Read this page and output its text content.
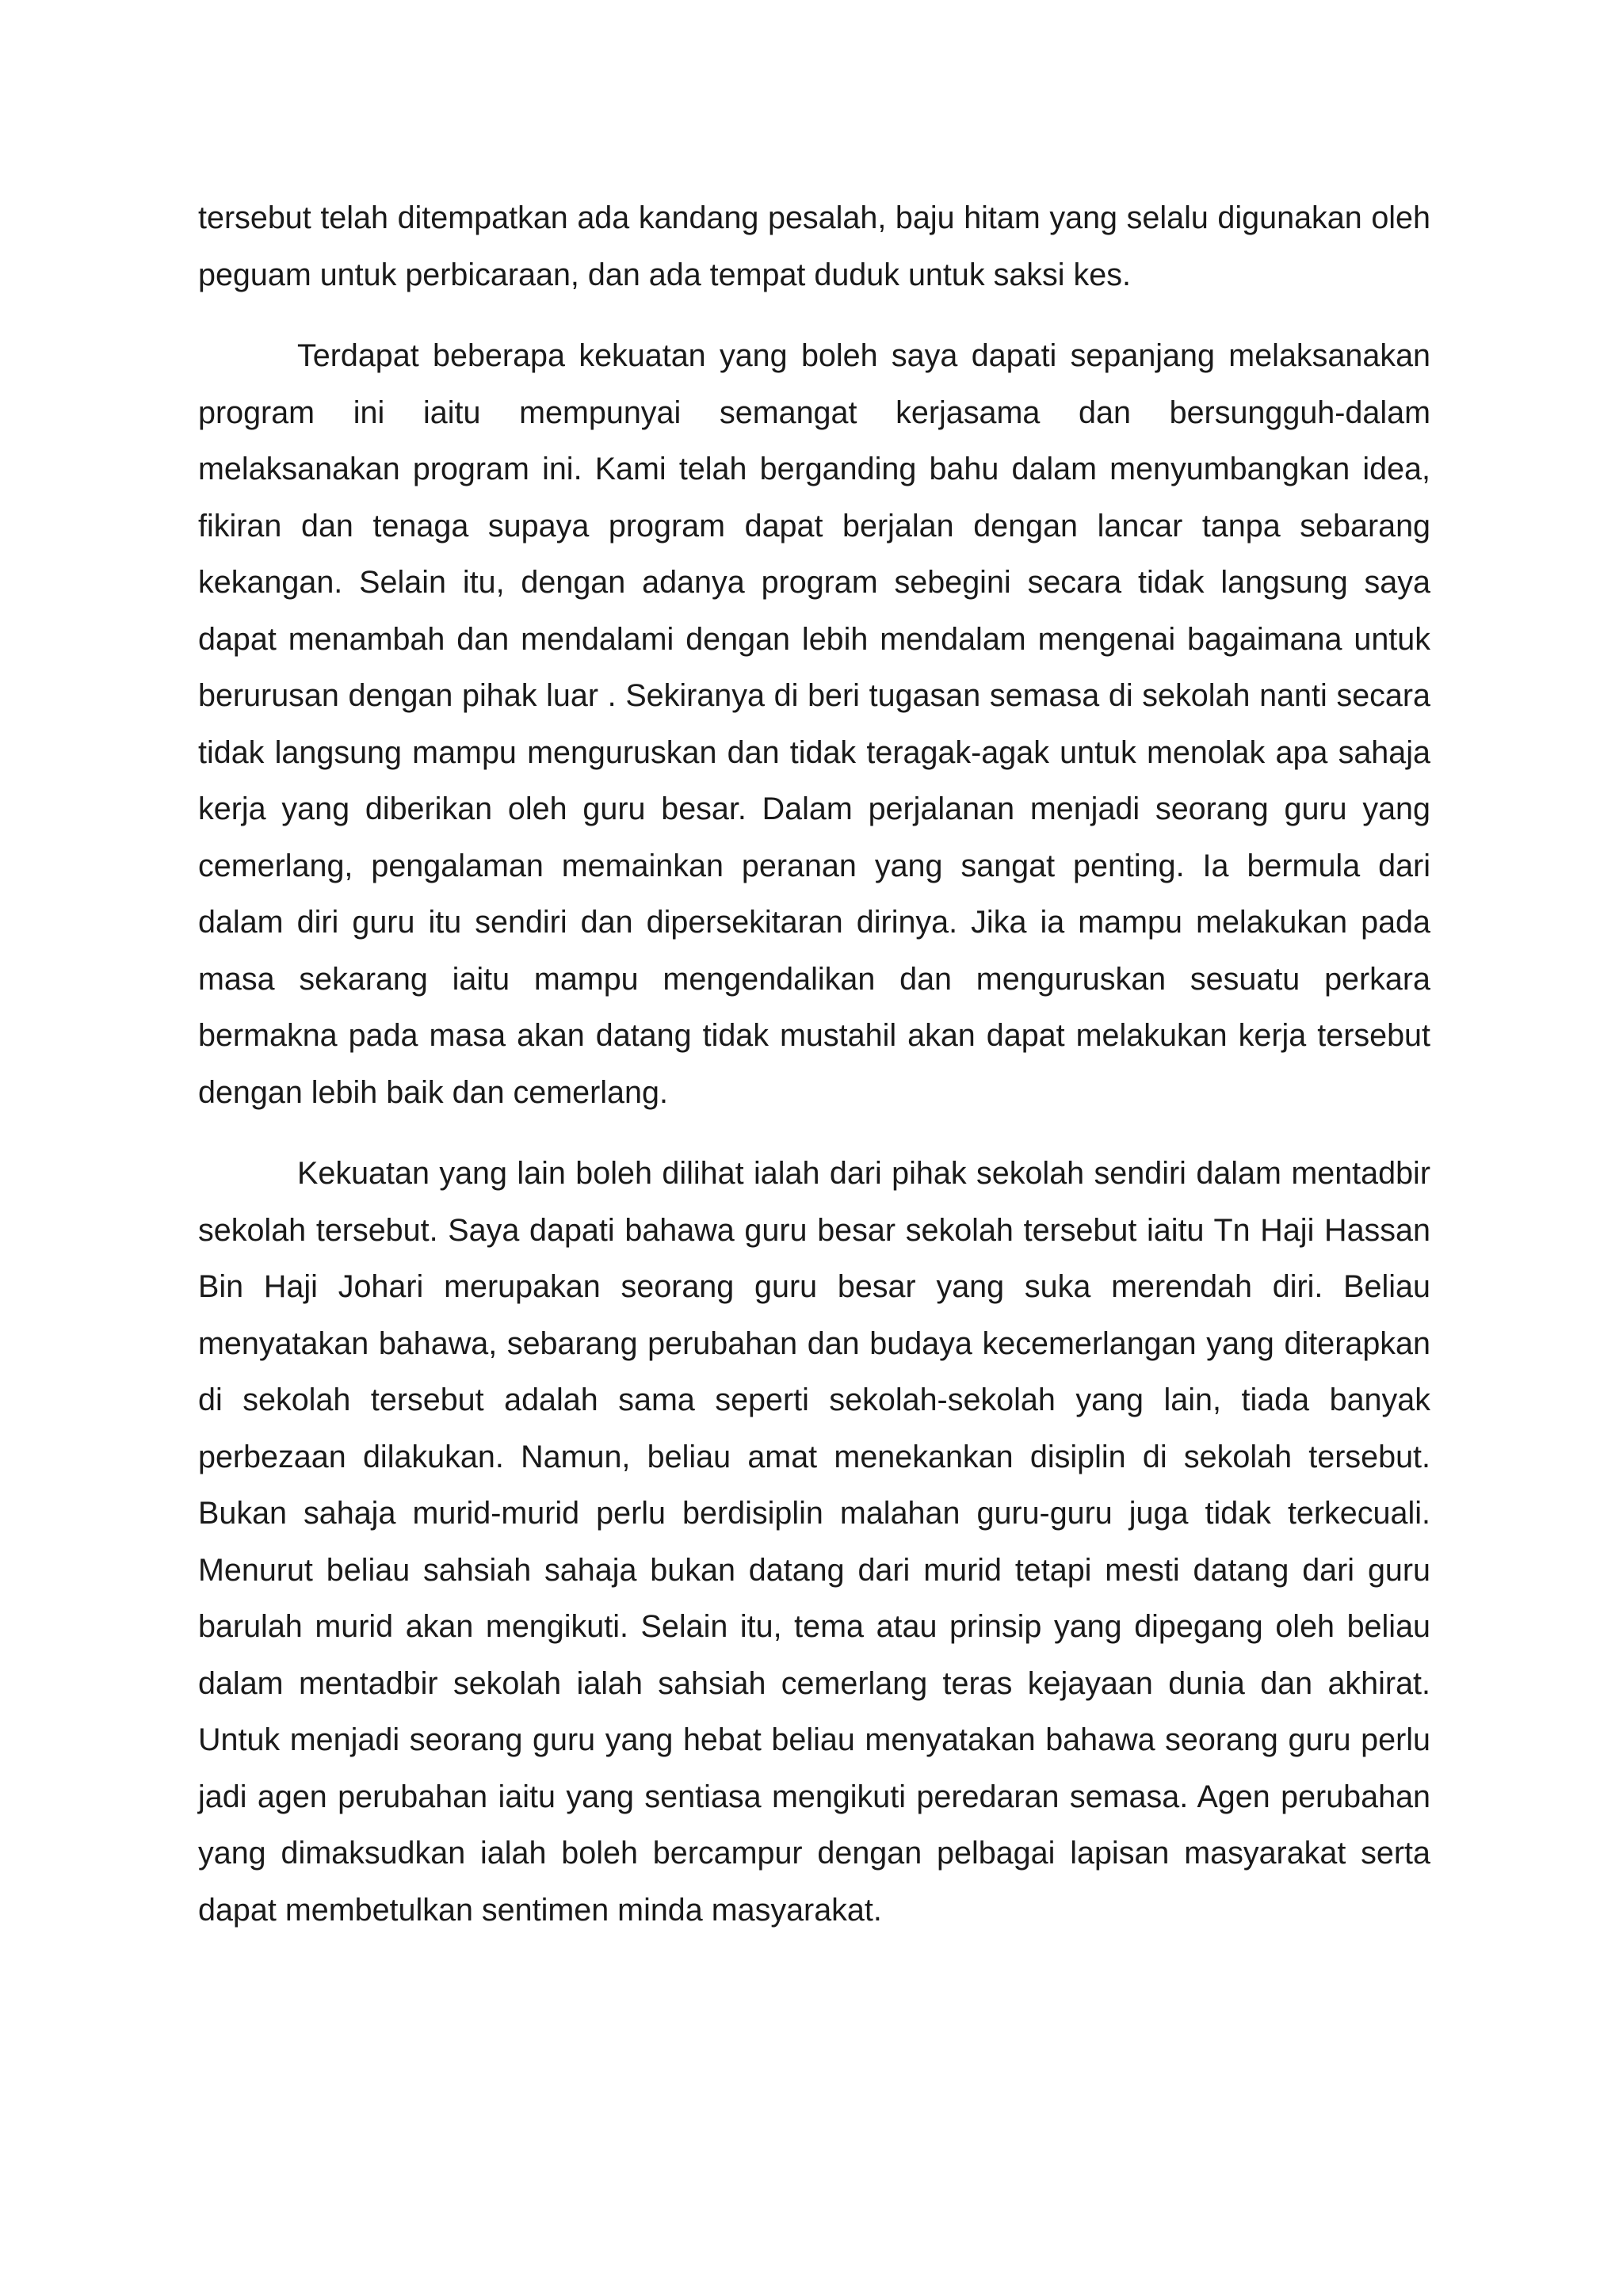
tersebut telah ditempatkan ada kandang pesalah, baju hitam yang selalu digunakan oleh peguam untuk perbicaraan, dan ada tempat duduk untuk saksi kes.

Terdapat beberapa kekuatan yang boleh saya dapati sepanjang melaksanakan program ini iaitu mempunyai semangat kerjasama dan bersungguh-dalam melaksanakan program ini. Kami telah berganding bahu dalam menyumbangkan idea, fikiran dan tenaga supaya program dapat berjalan dengan lancar tanpa sebarang kekangan. Selain itu, dengan adanya program sebegini secara tidak langsung saya dapat menambah dan mendalami dengan lebih mendalam mengenai bagaimana untuk berurusan dengan pihak luar . Sekiranya di beri tugasan semasa di sekolah nanti secara tidak langsung mampu menguruskan dan tidak teragak-agak untuk menolak apa sahaja kerja yang diberikan oleh guru besar. Dalam perjalanan menjadi seorang guru yang cemerlang, pengalaman memainkan peranan yang sangat penting. Ia bermula dari dalam diri guru itu sendiri dan dipersekitaran dirinya. Jika ia mampu melakukan pada masa sekarang iaitu mampu mengendalikan dan menguruskan sesuatu perkara bermakna pada masa akan datang tidak mustahil akan dapat melakukan kerja tersebut dengan lebih baik dan cemerlang.

Kekuatan yang lain boleh dilihat ialah dari pihak sekolah sendiri dalam mentadbir sekolah tersebut. Saya dapati bahawa guru besar sekolah tersebut iaitu Tn Haji Hassan Bin Haji Johari merupakan seorang guru besar yang suka merendah diri. Beliau menyatakan bahawa, sebarang perubahan dan budaya kecemerlangan yang diterapkan di sekolah tersebut adalah sama seperti sekolah-sekolah yang lain, tiada banyak perbezaan dilakukan. Namun, beliau amat menekankan disiplin di sekolah tersebut. Bukan sahaja murid-murid perlu berdisiplin malahan guru-guru juga tidak terkecuali. Menurut beliau sahsiah sahaja bukan datang dari murid tetapi mesti datang dari guru barulah murid akan mengikuti. Selain itu, tema atau prinsip yang dipegang oleh beliau dalam mentadbir sekolah ialah sahsiah cemerlang teras kejayaan dunia dan akhirat. Untuk menjadi seorang guru yang hebat beliau menyatakan bahawa seorang guru perlu jadi agen perubahan iaitu yang sentiasa mengikuti peredaran semasa. Agen perubahan yang dimaksudkan ialah boleh bercampur dengan pelbagai lapisan masyarakat serta dapat membetulkan sentimen minda masyarakat.
